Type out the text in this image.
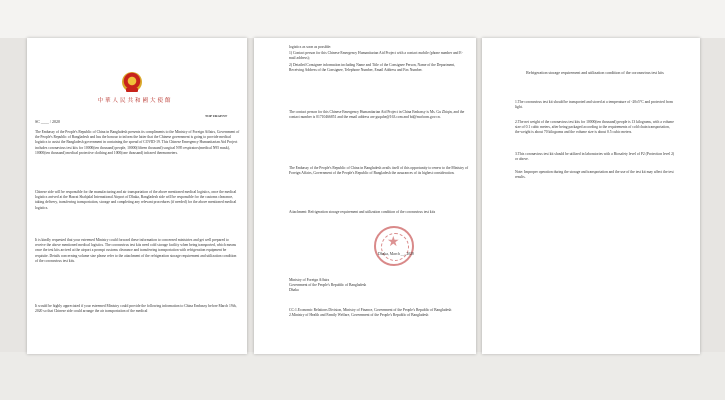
中華人民共和國大使館
TOP URGENT
SC ____ / 2020
The Embassy of the People's Republic of China in Bangladesh presents its compliments to the Ministry of Foreign Affairs, Government of the People's Republic of Bangladesh and has the honour to inform the latter that the Chinese government is going to provide medical logistics to assist the Bangladesh government in containing the spread of COVID-19. This Chinese Emergency Humanitarian Aid Project includes coronavirus test kits for 10000(ten thousand) people, 10000(fifteen thousand) surgical N95 respirators(medical N95 mask), 10000(ten thousand) medical protective clothing and 1000(one thousand) infrared thermometers.
Chinese side will be responsible for the manufacturing and air transportation of the above mentioned medical logistics, once the medical logistics arrived at the Hazrat Shahjalal International Airport of Dhaka, Bangladesh side will be responsible for the customs clearance, taking delivery, transferring transportation, storage and completing any relevant procedures (if needed) for the above mentioned medical logistics.
It is kindly requested that your esteemed Ministry could forward these information to concerned ministries and get well prepared to receive the above mentioned medical logistics. The coronavirus test kits need cold storage facility when being transported, which means once the test kits arrived at the airport a prompt customs clearance and transferring transportation with refrigeration equipment be requisite. Details concerning volume size please refer to the attachment of the refrigeration storage requirement and utilization condition of the coronavirus test kits.
It would be highly appreciated if your esteemed Ministry could provide the following information to China Embassy before March 19th, 2020 so that Chinese side could arrange the air transportation of the medical
logistics as soon as possible:
1) Contact person for this Chinese Emergency Humanitarian Aid Project with a contact mobile (phone number and E-mail address);
2) Detailed Consignee information including Name and Title of the Consignee Person, Name of the Department, Receiving Address of the Consignee, Telephone Number, Email Address and Fax Number.
The contact person for this Chinese Emergency Humanitarian Aid Project in China Embassy is Ms. Gu Zhiqin, and the contact number is 01710466851 and the email address are guquhe@163.com and bd@mofcom.gov.cn.
The Embassy of the People's Republic of China in Bangladesh avails itself of this opportunity to renew to the Ministry of Foreign Affairs, Government of the People's Republic of Bangladesh the assurances of its highest consideration.
Attachment: Refrigeration storage requirement and utilization condition of the coronavirus test kits
★
Dhaka, March __, 2020
Ministry of Foreign Affairs
Government of the People's Republic of Bangladesh
Dhaka
CC:1.Economic Relations Division, Ministry of Finance, Government of the People's Republic of Bangladesh
2.Ministry of Health and Family Welfare, Government of the People's Republic of Bangladesh
Refrigeration storage requirement and utilization condition of the coronavirus test kits
1.The coronavirus test kit should be transported and stored at a temperature of -20±5°C and protected from light.
2.The net weight of the coronavirus test kits for 10000(ten thousand) people is 13 kilograms, with a volume size of 0.1 cubic meters, after being packaged according to the requirements of cold chain transportation, the weight is about 70 kilograms and the volume size is about 0.5 cubic meters.
3.This coronavirus test kit should be utilized in laboratories with a Biosafety level of P2 (Protection level 2) or above.
Note: Improper operation during the storage and transportation and the use of the test kit may affect the test results.
